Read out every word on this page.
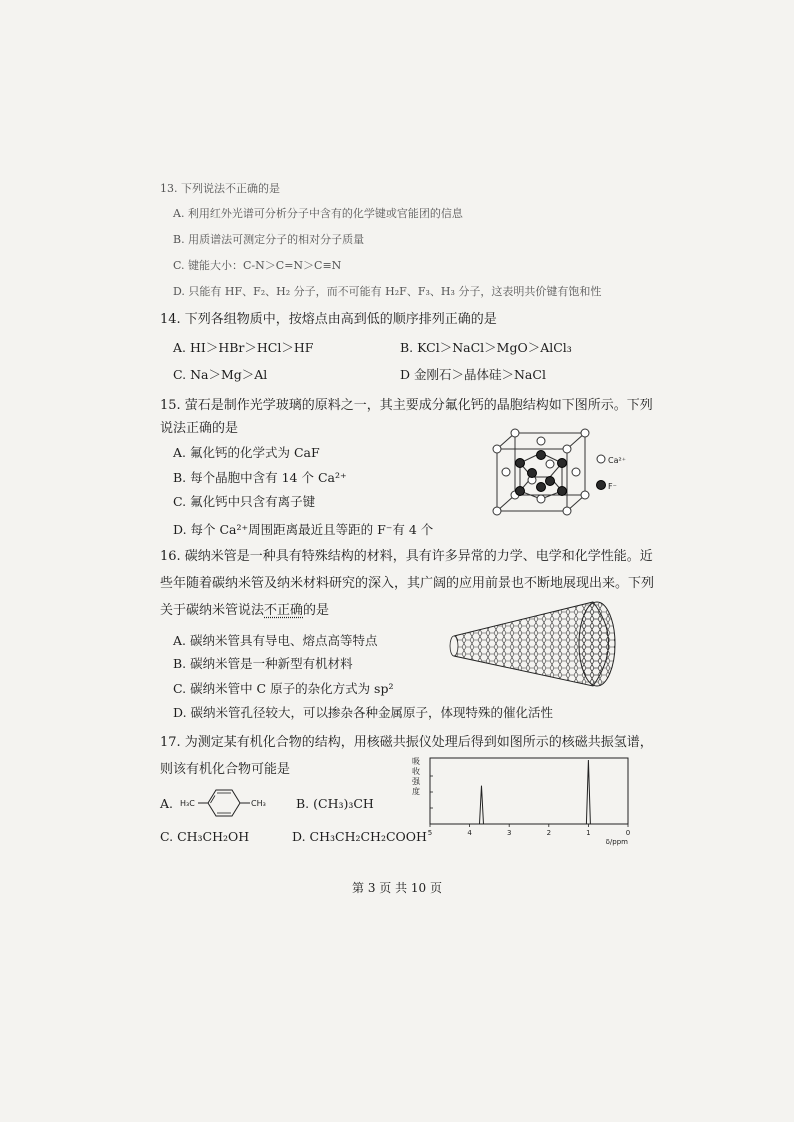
13. 下列说法不正确的是
A. 利用红外光谱可分析分子中含有的化学键或官能团的信息
B. 用质谱法可测定分子的相对分子质量
C. 键能大小：C-N＞C=N＞C≡N
D. 只能有 HF、F₂、H₂ 分子，而不可能有 H₂F、F₃、H₃ 分子，这表明共价键有饱和性
14. 下列各组物质中，按熔点由高到低的顺序排列正确的是
A. HI＞HBr＞HCl＞HF	B. KCl＞NaCl＞MgO＞AlCl₃
C. Na＞Mg＞Al	D 金刚石＞晶体硅＞NaCl
15. 萤石是制作光学玻璃的原料之一，其主要成分氟化钙的晶胞结构如下图所示。下列
说法正确的是
A. 氟化钙的化学式为 CaF
B. 每个晶胞中含有 14 个 Ca²⁺
C. 氟化钙中只含有离子键
D. 每个 Ca²⁺周围距离最近且等距的 F⁻有 4 个
Ca²⁺
F⁻
16. 碳纳米管是一种具有特殊结构的材料，具有许多异常的力学、电学和化学性能。近
些年随着碳纳米管及纳米材料研究的深入，其广阔的应用前景也不断地展现出来。下列
关于碳纳米管说法不正确的是
A. 碳纳米管具有导电、熔点高等特点
B. 碳纳米管是一种新型有机材料
C. 碳纳米管中 C 原子的杂化方式为 sp²
D. 碳纳米管孔径较大，可以掺杂各种金属原子，体现特殊的催化活性
17. 为测定某有机化合物的结构，用核磁共振仪处理后得到如图所示的核磁共振氢谱，
则该有机化合物可能是
A. H₃C	CH₃ B. (CH₃)₃CH
C. CH₃CH₂OH	D. CH₃CH₂CH₂COOH
吸
收
强
度
5	4	3	2	1	0
δ/ppm
第 3 页 共 10 页
